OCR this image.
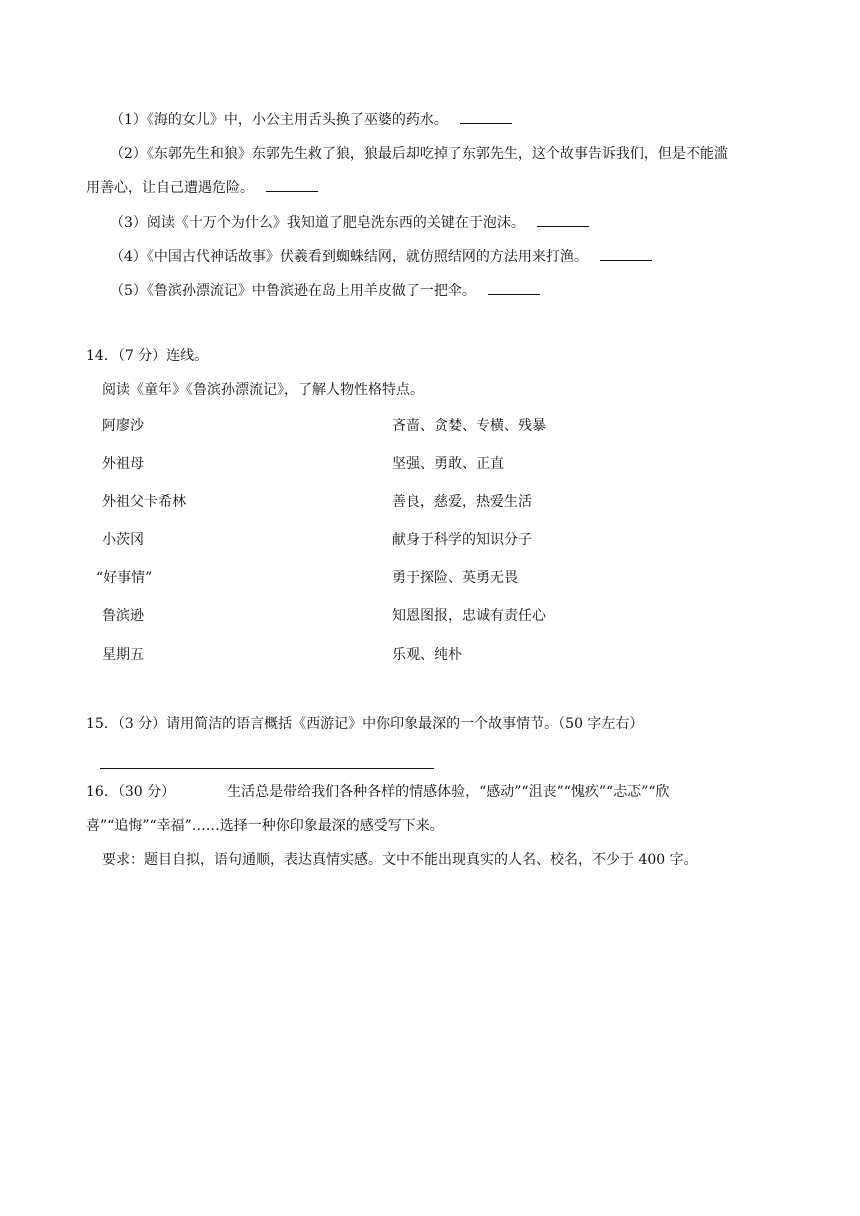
（1）《海的女儿》中，小公主用舌头换了巫婆的药水。
（2）《东郭先生和狼》东郭先生救了狼，狼最后却吃掉了东郭先生，这个故事告诉我们，但是不能滥
用善心，让自己遭遇危险。
（3）阅读《十万个为什么》我知道了肥皂洗东西的关键在于泡沫。
（4）《中国古代神话故事》伏羲看到蜘蛛结网，就仿照结网的方法用来打渔。
（5）《鲁滨孙漂流记》中鲁滨逊在岛上用羊皮做了一把伞。
14．（7 分）连线。
阅读《童年》《鲁滨孙漂流记》，了解人物性格特点。
阿廖沙	吝啬、贪婪、专横、残暴
外祖母	坚强、勇敢、正直
外祖父卡希林	善良，慈爱，热爱生活
小茨冈	献身于科学的知识分子
“好事情”	勇于探险、英勇无畏
鲁滨逊	知恩图报，忠诚有责任心
星期五	乐观、纯朴
15．（3 分）请用简洁的语言概括《西游记》中你印象最深的一个故事情节。（50 字左右）
16．（30 分）	生活总是带给我们各种各样的情感体验，“感动”“沮丧”“愧疚”“忐忑”“欣
喜”“追悔”“幸福”……选择一种你印象最深的感受写下来。
要求：题目自拟，语句通顺，表达真情实感。文中不能出现真实的人名、校名，不少于 400 字。
